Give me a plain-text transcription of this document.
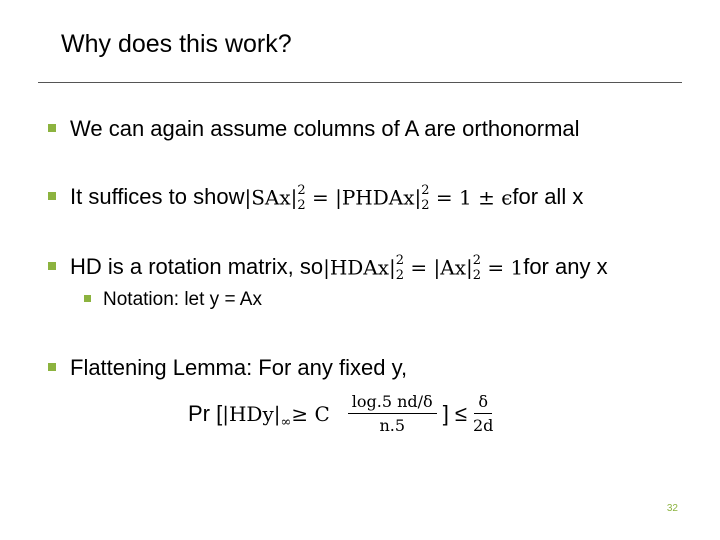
Why does this work?
We can again assume columns of A are orthonormal
It suffices to show |SAx| 2
2 = |PHDAx| 2
2 = 1 ± ϵ for all x
HD is a rotation matrix, so |HDAx| 2
2 = |Ax| 2
2 = 1 for any x
Notation: let y = Ax
Flattening Lemma: For any fixed y,
Pr [ $|HDy|_\infty \ge C \frac{\log.5 nd/\delta}{n.5}$ ] ≤ $\frac{\delta}{2d}$
32
